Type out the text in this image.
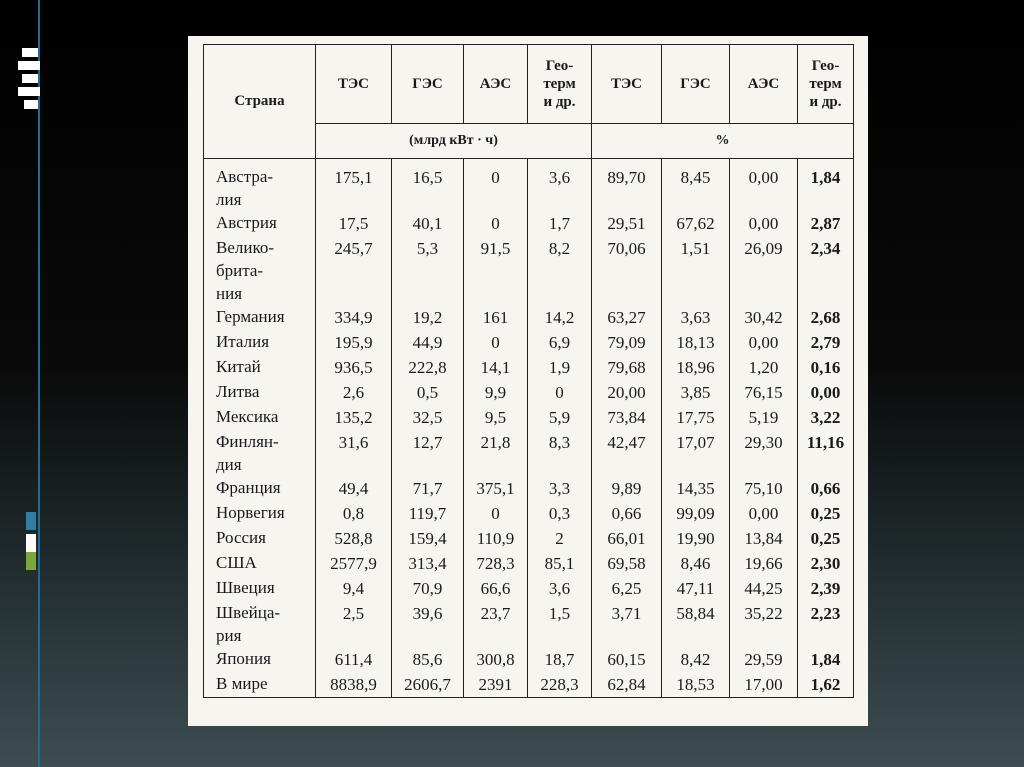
Страна	ТЭС	ГЭС	АЭС	Гео-
терм
и др.	ТЭС	ГЭС	АЭС	Гео-
терм
и др.
	(млрд кВт · ч)				%			
Австра-
лия	175,1	16,5	0	3,6	89,70	8,45	0,00	1,84
Австрия	17,5	40,1	0	1,7	29,51	67,62	0,00	2,87
Велико-
брита-
ния	245,7	5,3	91,5	8,2	70,06	1,51	26,09	2,34
Германия	334,9	19,2	161	14,2	63,27	3,63	30,42	2,68
Италия	195,9	44,9	0	6,9	79,09	18,13	0,00	2,79
Китай	936,5	222,8	14,1	1,9	79,68	18,96	1,20	0,16
Литва	2,6	0,5	9,9	0	20,00	3,85	76,15	0,00
Мексика	135,2	32,5	9,5	5,9	73,84	17,75	5,19	3,22
Финлян-
дия	31,6	12,7	21,8	8,3	42,47	17,07	29,30	11,16
Франция	49,4	71,7	375,1	3,3	9,89	14,35	75,10	0,66
Норвегия	0,8	119,7	0	0,3	0,66	99,09	0,00	0,25
Россия	528,8	159,4	110,9	2	66,01	19,90	13,84	0,25
США	2577,9	313,4	728,3	85,1	69,58	8,46	19,66	2,30
Швеция	9,4	70,9	66,6	3,6	6,25	47,11	44,25	2,39
Швейца-
рия	2,5	39,6	23,7	1,5	3,71	58,84	35,22	2,23
Япония	611,4	85,6	300,8	18,7	60,15	8,42	29,59	1,84
В мире	8838,9	2606,7	2391	228,3	62,84	18,53	17,00	1,62
